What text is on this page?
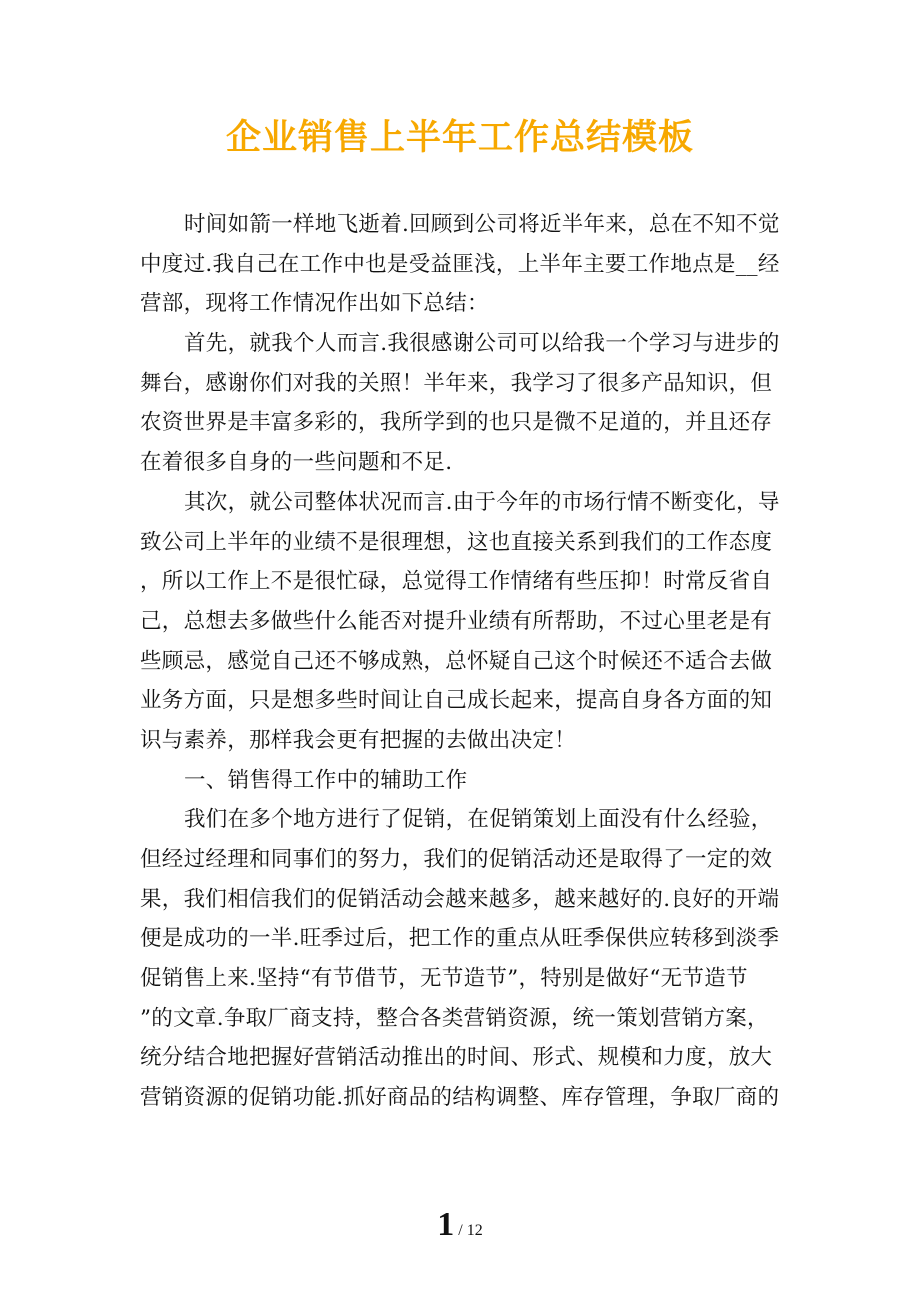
企业销售上半年工作总结模板
时间如箭一样地飞逝着.回顾到公司将近半年来，总在不知不觉
中度过.我自己在工作中也是受益匪浅，上半年主要工作地点是__经
营部，现将工作情况作出如下总结：
首先，就我个人而言.我很感谢公司可以给我一个学习与进步的
舞台，感谢你们对我的关照！半年来，我学习了很多产品知识，但
农资世界是丰富多彩的，我所学到的也只是微不足道的，并且还存
在着很多自身的一些问题和不足.
其次，就公司整体状况而言.由于今年的市场行情不断变化，导
致公司上半年的业绩不是很理想，这也直接关系到我们的工作态度
，所以工作上不是很忙碌，总觉得工作情绪有些压抑！时常反省自
己，总想去多做些什么能否对提升业绩有所帮助，不过心里老是有
些顾忌，感觉自己还不够成熟，总怀疑自己这个时候还不适合去做
业务方面，只是想多些时间让自己成长起来，提高自身各方面的知
识与素养，那样我会更有把握的去做出决定！
一、销售得工作中的辅助工作
我们在多个地方进行了促销，在促销策划上面没有什么经验，
但经过经理和同事们的努力，我们的促销活动还是取得了一定的效
果，我们相信我们的促销活动会越来越多，越来越好的.良好的开端
便是成功的一半.旺季过后，把工作的重点从旺季保供应转移到淡季
促销售上来.坚持“有节借节，无节造节”，特别是做好“无节造节
”的文章.争取厂商支持，整合各类营销资源，统一策划营销方案，
统分结合地把握好营销活动推出的时间、形式、规模和力度，放大
营销资源的促销功能.抓好商品的结构调整、库存管理，争取厂商的
1 / 12
